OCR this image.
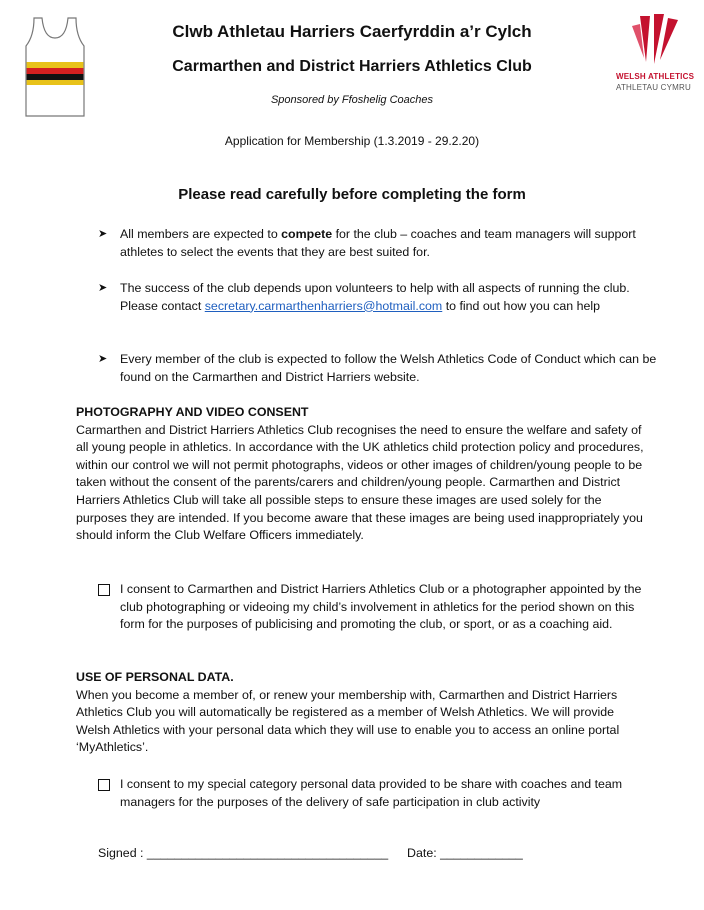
WELSH ATHLETICS
ATHLETAU CYMRU
Clwb Athletau Harriers Caerfyrddin a’r Cylch
Carmarthen and District Harriers Athletics Club
Sponsored by Ffoshelig Coaches
Application for Membership (1.3.2019 - 29.2.20)
Please read carefully before completing the form
➤ All members are expected to compete for the club – coaches and team managers will support athletes to select the events that they are best suited for.
➤ The success of the club depends upon volunteers to help with all aspects of running the club. Please contact secretary.carmarthenharriers@hotmail.com to find out how you can help
➤ Every member of the club is expected to follow the Welsh Athletics Code of Conduct which can be found on the Carmarthen and District Harriers website.
PHOTOGRAPHY AND VIDEO CONSENT
Carmarthen and District Harriers Athletics Club recognises the need to ensure the welfare and safety of all young people in athletics. In accordance with the UK athletics child protection policy and procedures, within our control we will not permit photographs, videos or other images of children/young people to be taken without the consent of the parents/carers and children/young people. Carmarthen and District Harriers Athletics Club will take all possible steps to ensure these images are used solely for the purposes they are intended. If you become aware that these images are being used inappropriately you should inform the Club Welfare Officers immediately.
I consent to Carmarthen and District Harriers Athletics Club or a photographer appointed by the club photographing or videoing my child’s involvement in athletics for the period shown on this form for the purposes of publicising and promoting the club, or sport, or as a coaching aid.
USE OF PERSONAL DATA.
When you become a member of, or renew your membership with, Carmarthen and District Harriers Athletics Club you will automatically be registered as a member of Welsh Athletics. We will provide Welsh Athletics with your personal data which they will use to enable you to access an online portal ‘MyAthletics’.
I consent to my special category personal data provided to be share with coaches and team managers for the purposes of the delivery of safe participation in club activity
Signed : ___________________________________ Date: ____________
